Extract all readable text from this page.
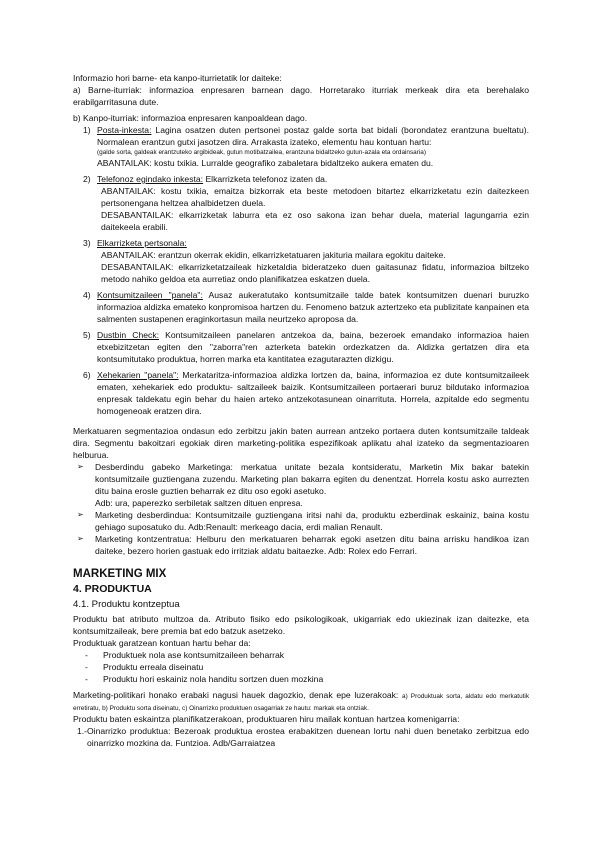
Informazio hori barne- eta kanpo-iturrietatik lor daiteke:

a) Barne-iturriak: informazioa enpresaren barnean dago. Horretarako iturriak merkeak dira eta berehalako erabilgarritasuna dute.

b) Kanpo-iturriak: informazioa enpresaren kanpoaldean dago.

1) Posta-inkesta: Lagina osatzen duten pertsonei postaz galde sorta bat bidali (borondatez erantzuna bueltatu). Normalean erantzun gutxi jasotzen dira. Arrakasta izateko, elementu hau kontuan hartu:
(galde sorta, galdeak erantzuteko argibideak, gutun motibatzailea, erantzuna bidaltzeko gutun-azala eta ordainsaria)
ABANTAILAK: kostu txikia. Lurralde geografiko zabaletara bidaltzeko aukera ematen du.
2) Telefonoz egindako inkesta: Elkarrizketa telefonoz izaten da.
ABANTAILAK: kostu txikia, emaitza bizkorrak eta beste metodoen bitartez elkarrizketatu ezin daitezkeen pertsonengana heltzea ahalbidetzen duela.
DESABANTAILAK: elkarrizketak laburra eta ez oso sakona izan behar duela, material lagungarria ezin daitekeela erabili.
3) Elkarrizketa pertsonala:
ABANTAILAK: erantzun okerrak ekidin, elkarrizketatuaren jakituria mailara egokitu daiteke.
DESABANTAILAK: elkarrizketatzaileak hizketaldia bideratzeko duen gaitasunaz fidatu, informazioa biltzeko metodo nahiko geldoa eta aurretiaz ondo planifikatzea eskatzen duela.
4) Kontsumitzaileen "panela": Ausaz aukeratutako kontsumitzaile talde batek kontsumitzen duenari buruzko informazioa aldizka emateko konpromisoa hartzen du. Fenomeno batzuk aztertzeko eta publizitate kanpainen eta salmenten sustapenen eraginkortasun maila neurtzeko aproposa da.
5) Dustbin Check: Kontsumitzaileen panelaren antzekoa da, baina, bezeroek emandako informazioa haien etxebizitzetan egiten den "zaborra"ren azterketa batekin ordezkatzen da. Aldizka gertatzen dira eta kontsumitutako produktua, horren marka eta kantitatea ezagutarazten dizkigu.
6) Xehekarien "panela": Merkataritza-informazioa aldizka lortzen da, baina, informazioa ez dute kontsumitzaileek ematen, xehekariek edo produktu- saltzaileek baizik. Kontsumitzaileen portaerari buruz bildutako informazioa enpresak taldekatu egin behar du haien arteko antzekotasunean oinarrituta. Horrela, azpitalde edo segmentu homogeneoak eratzen dira.

Merkatuaren segmentazioa ondasun edo zerbitzu jakin baten aurrean antzeko portaera duten kontsumitzaile taldeak dira. Segmentu bakoitzari egokiak diren marketing-politika espezifikoak aplikatu ahal izateko da segmentazioaren helburua.

➢ Desberdindu gabeko Marketinga: merkatua unitate bezala kontsideratu, Marketin Mix bakar batekin kontsumitzaile guztiengana zuzendu. Marketing plan bakarra egiten du denentzat. Horrela kostu asko aurrezten ditu baina erosle guztien beharrak ez ditu oso egoki asetuko.
Adb: ura, paperezko serbiletak saltzen dituen enpresa.
➢ Marketing desberdindua: Kontsumitzaile guztiengana iritsi nahi da, produktu ezberdinak eskainiz, baina kostu gehiago suposatuko du. Adb:Renault: merkeago dacia, erdi malian Renault.
➢ Marketing kontzentratua: Helburu den merkatuaren beharrak egoki asetzen ditu baina arrisku handikoa izan daiteke, bezero horien gastuak edo irritziak aldatu baitaezke. Adb: Rolex edo Ferrari.
MARKETING MIX
4. PRODUKTUA
4.1. Produktu kontzeptua

Produktu bat atributo multzoa da. Atributo fisiko edo psikologikoak, ukigarriak edo ukiezinak izan daitezke, eta kontsumitzaileak, bere premia bat edo batzuk asetzeko.

Produktuak garatzean kontuan hartu behar da:

- Produktuek nola ase kontsumitzaileen beharrak
- Produktu erreala diseinatu
- Produktu hori eskainiz nola handitu sortzen duen mozkina

Marketing-politikari honako erabaki nagusi hauek dagozkio, denak epe luzerakoak: a) Produktuak sorta, aldatu edo merkatutik erretiratu, b) Produktu sorta diseinatu, c) Oinarrizko produktuen osagarriak ze hautu: markak eta ontziak.

Produktu baten eskaintza planifikatzerakoan, produktuaren hiru mailak kontuan hartzea komenigarria:

1.- Oinarrizko produktua: Bezeroak produktua erostea erabakitzen duenean lortu nahi duen benetako zerbitzua edo oinarrizko mozkina da. Funtzioa. Adb/Garraiatzea
